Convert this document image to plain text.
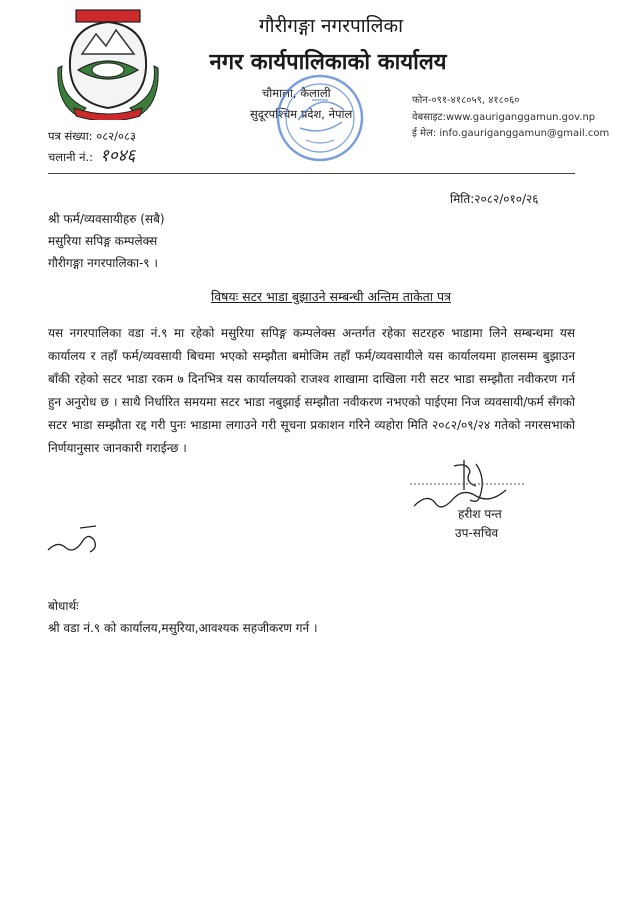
गौरीगङ्गा नगरपालिका
नगर कार्यपालिकाको कार्यालय
चौमाला, कैलाली
सुदूरपश्चिम प्रदेश, नेपाल
फोन-०९१-४१८०५९, ४१८०६०
वेबसाइट:www.gauriganggamun.gov.np
ई मेल: info.gauriganggamun@gmail.com
पत्र संख्या: ०८२/०८३
चलानी नं.: १०४६
मिति:२०८२/०१०/२६
श्री फर्म/व्यवसायीहरु (सबै)
मसुरिया सपिङ्ग कम्पलेक्स
गौरीगङ्गा नगरपालिका-९ ।
विषयः सटर भाडा बुझाउने सम्बन्धी अन्तिम ताकेता पत्र
यस नगरपालिका वडा नं.९ मा रहेको मसुरिया सपिङ्ग कम्पलेक्स अन्तर्गत रहेका सटरहरु भाडामा लिने सम्बन्धमा यस कार्यालय र तहाँ फर्म/व्यवसायी बिचमा भएको सम्झौता बमोजिम तहाँ फर्म/व्यवसायीले यस कार्यालयमा हालसम्म बुझाउन बाँकी रहेको सटर भाडा रकम ७ दिनभित्र यस कार्यालयको राजश्व शाखामा दाखिला गरी सटर भाडा सम्झौता नवीकरण गर्न हुन अनुरोध छ । साथै निर्धारित समयमा सटर भाडा नबुझाई सम्झौता नवीकरण नभएको पाईएमा निज व्यवसायी/फर्म सँगको सटर भाडा सम्झौता रद्द गरी पुनः भाडामा लगाउने गरी सूचना प्रकाशन गरिने व्यहोरा मिति २०८२/०९/२४ गतेको नगरसभाको निर्णयानुसार जानकारी गराईन्छ ।
हरीश पन्त
उप-सचिव
बोधार्थः
श्री वडा नं.९ को कार्यालय,मसुरिया,आवश्यक सहजीकरण गर्न ।
